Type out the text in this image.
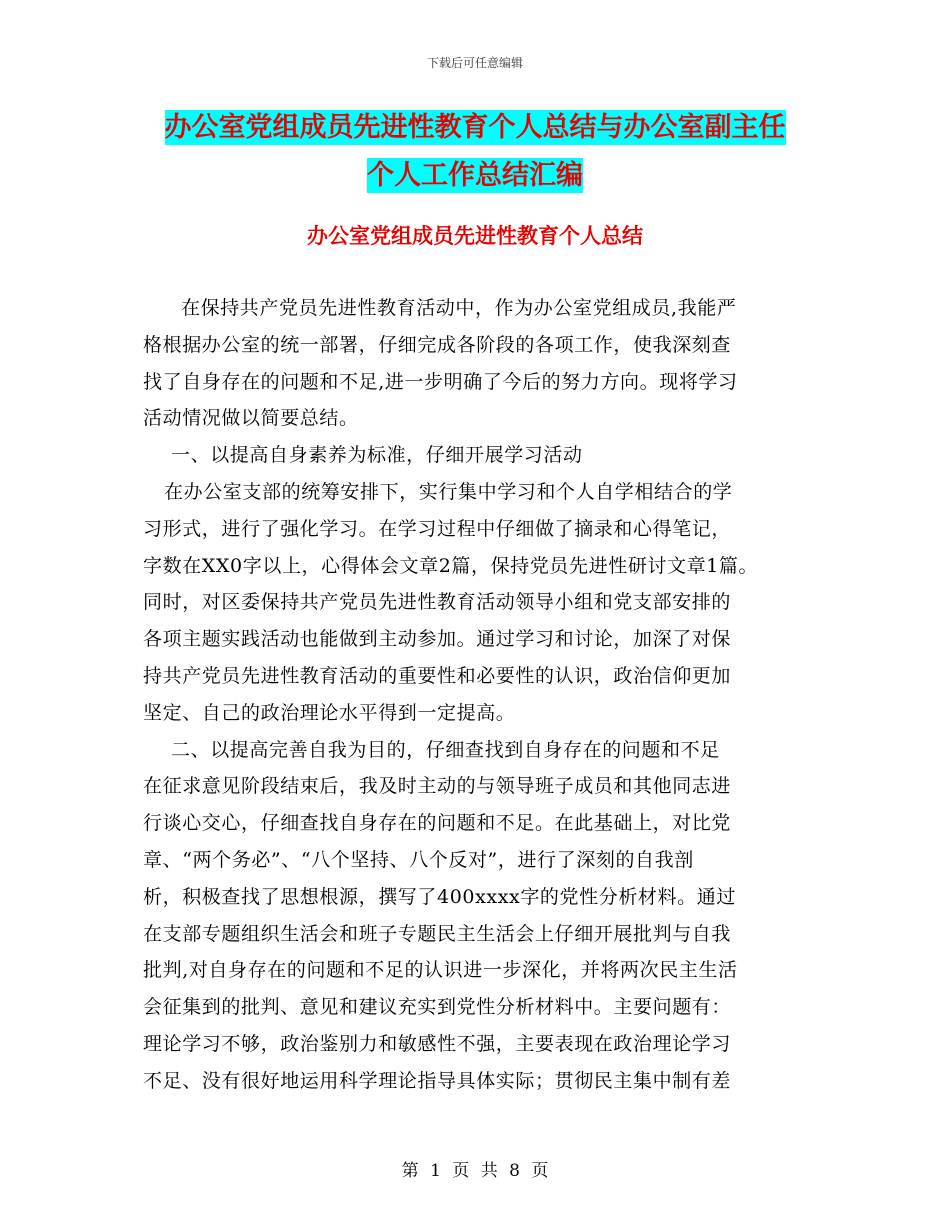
下载后可任意编辑
办公室党组成员先进性教育个人总结与办公室副主任
个人工作总结汇编
办公室党组成员先进性教育个人总结
在保持共产党员先进性教育活动中，作为办公室党组成员,我能严
格根据办公室的统一部署，仔细完成各阶段的各项工作，使我深刻查
找了自身存在的问题和不足,进一步明确了今后的努力方向。现将学习
活动情况做以简要总结。
一、以提高自身素养为标准，仔细开展学习活动
在办公室支部的统筹安排下，实行集中学习和个人自学相结合的学
习形式，进行了强化学习。在学习过程中仔细做了摘录和心得笔记，
字数在XX0字以上，心得体会文章2篇，保持党员先进性研讨文章1篇。
同时，对区委保持共产党员先进性教育活动领导小组和党支部安排的
各项主题实践活动也能做到主动参加。通过学习和讨论，加深了对保
持共产党员先进性教育活动的重要性和必要性的认识，政治信仰更加
坚定、自己的政治理论水平得到一定提高。
二、以提高完善自我为目的，仔细查找到自身存在的问题和不足
在征求意见阶段结束后，我及时主动的与领导班子成员和其他同志进
行谈心交心，仔细查找自身存在的问题和不足。在此基础上，对比党
章、“两个务必”、“八个坚持、八个反对”，进行了深刻的自我剖
析，积极查找了思想根源，撰写了400xxxx字的党性分析材料。通过
在支部专题组织生活会和班子专题民主生活会上仔细开展批判与自我
批判,对自身存在的问题和不足的认识进一步深化，并将两次民主生活
会征集到的批判、意见和建议充实到党性分析材料中。主要问题有：
理论学习不够，政治鉴别力和敏感性不强，主要表现在政治理论学习
不足、没有很好地运用科学理论指导具体实际；贯彻民主集中制有差
第 1 页 共 8 页
